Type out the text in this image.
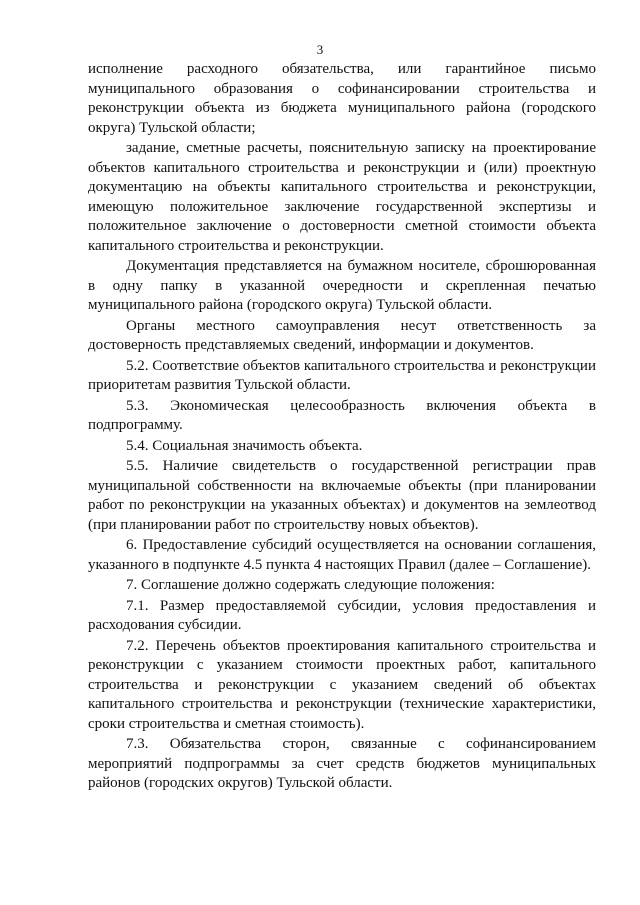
3

исполнение расходного обязательства, или гарантийное письмо муниципального образования о софинансировании строительства и реконструкции объекта из бюджета муниципального района (городского округа) Тульской области;

задание, сметные расчеты, пояснительную записку на проектирование объектов капитального строительства и реконструкции и (или) проектную документацию на объекты капитального строительства и реконструкции, имеющую положительное заключение государственной экспертизы и положительное заключение о достоверности сметной стоимости объекта капитального строительства и реконструкции.

Документация представляется на бумажном носителе, сброшюрованная в одну папку в указанной очередности и скрепленная печатью муниципального района (городского округа) Тульской области.

Органы местного самоуправления несут ответственность за достоверность представляемых сведений, информации и документов.

5.2. Соответствие объектов капитального строительства и реконструкции приоритетам развития Тульской области.

5.3. Экономическая целесообразность включения объекта в подпрограмму.

5.4. Социальная значимость объекта.

5.5. Наличие свидетельств о государственной регистрации прав муниципальной собственности на включаемые объекты (при планировании работ по реконструкции на указанных объектах) и документов на землеотвод (при планировании работ по строительству новых объектов).

6. Предоставление субсидий осуществляется на основании соглашения, указанного в подпункте 4.5 пункта 4 настоящих Правил (далее – Соглашение).

7. Соглашение должно содержать следующие положения:

7.1. Размер предоставляемой субсидии, условия предоставления и расходования субсидии.

7.2. Перечень объектов проектирования капитального строительства и реконструкции с указанием стоимости проектных работ, капитального строительства и реконструкции с указанием сведений об объектах капитального строительства и реконструкции (технические характеристики, сроки строительства и сметная стоимость).

7.3. Обязательства сторон, связанные с софинансированием мероприятий подпрограммы за счет средств бюджетов муниципальных районов (городских округов) Тульской области.
